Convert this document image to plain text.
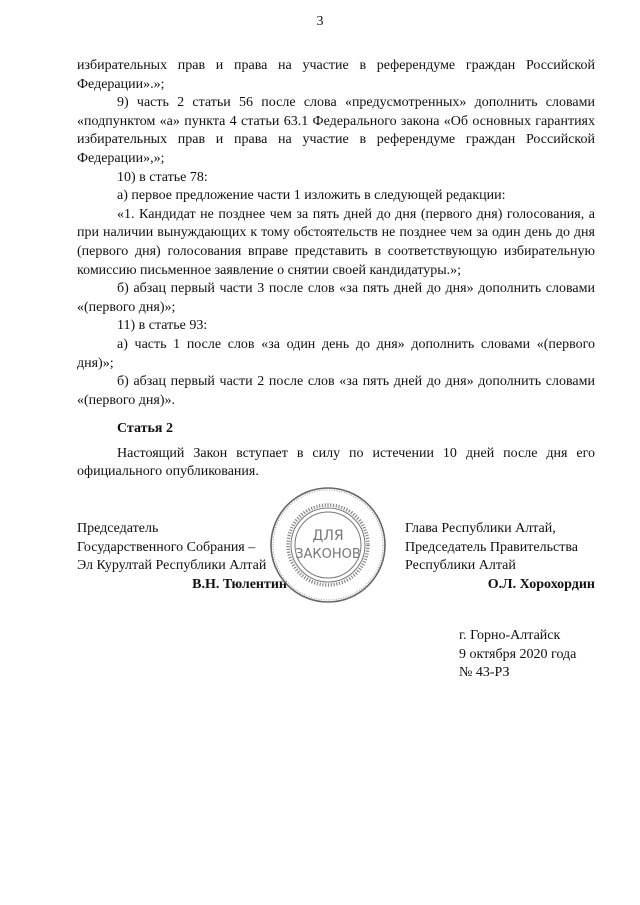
3

избирательных прав и права на участие в референдуме граждан Российской Федерации».»;

9) часть 2 статьи 56 после слова «предусмотренных» дополнить словами «подпунктом «а» пункта 4 статьи 63.1 Федерального закона «Об основных гарантиях избирательных прав и права на участие в референдуме граждан Российской Федерации»,»;

10) в статье 78:

а) первое предложение части 1 изложить в следующей редакции:

«1. Кандидат не позднее чем за пять дней до дня (первого дня) голосования, а при наличии вынуждающих к тому обстоятельств не позднее чем за один день до дня (первого дня) голосования вправе представить в соответствующую избирательную комиссию письменное заявление о снятии своей кандидатуры.»;

б) абзац первый части 3 после слов «за пять дней до дня» дополнить словами «(первого дня)»;

11) в статье 93:

а) часть 1 после слов «за один день до дня» дополнить словами «(первого дня)»;

б) абзац первый части 2 после слов «за пять дней до дня» дополнить словами «(первого дня)».

Статья 2

Настоящий Закон вступает в силу по истечении 10 дней после дня его официального опубликования.

Председатель
Государственного Собрания –
Эл Курултай Республики Алтай
В.Н. Тюлентин
Глава Республики Алтай,
Председатель Правительства
Республики Алтай
О.Л. Хорохордин
ДЛЯ
ЗАКОНОВ
г. Горно-Алтайск
9 октября 2020 года
№ 43-РЗ
